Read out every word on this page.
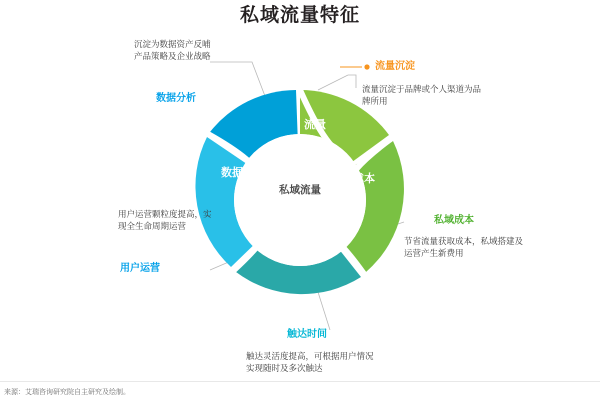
私域流量特征
私域流量
流量
成本
时间
运营
数据
流量沉淀
流量沉淀于品牌或个人渠道为品牌所用
私域成本
节省流量获取成本，私域搭建及运营产生新费用
触达时间
触达灵活度提高，可根据用户情况实现随时及多次触达
用户运营
用户运营颗粒度提高，实现全生命周期运营
数据分析
沉淀为数据资产反哺产品策略及企业战略
来源：艾瑞咨询研究院自主研究及绘制。
